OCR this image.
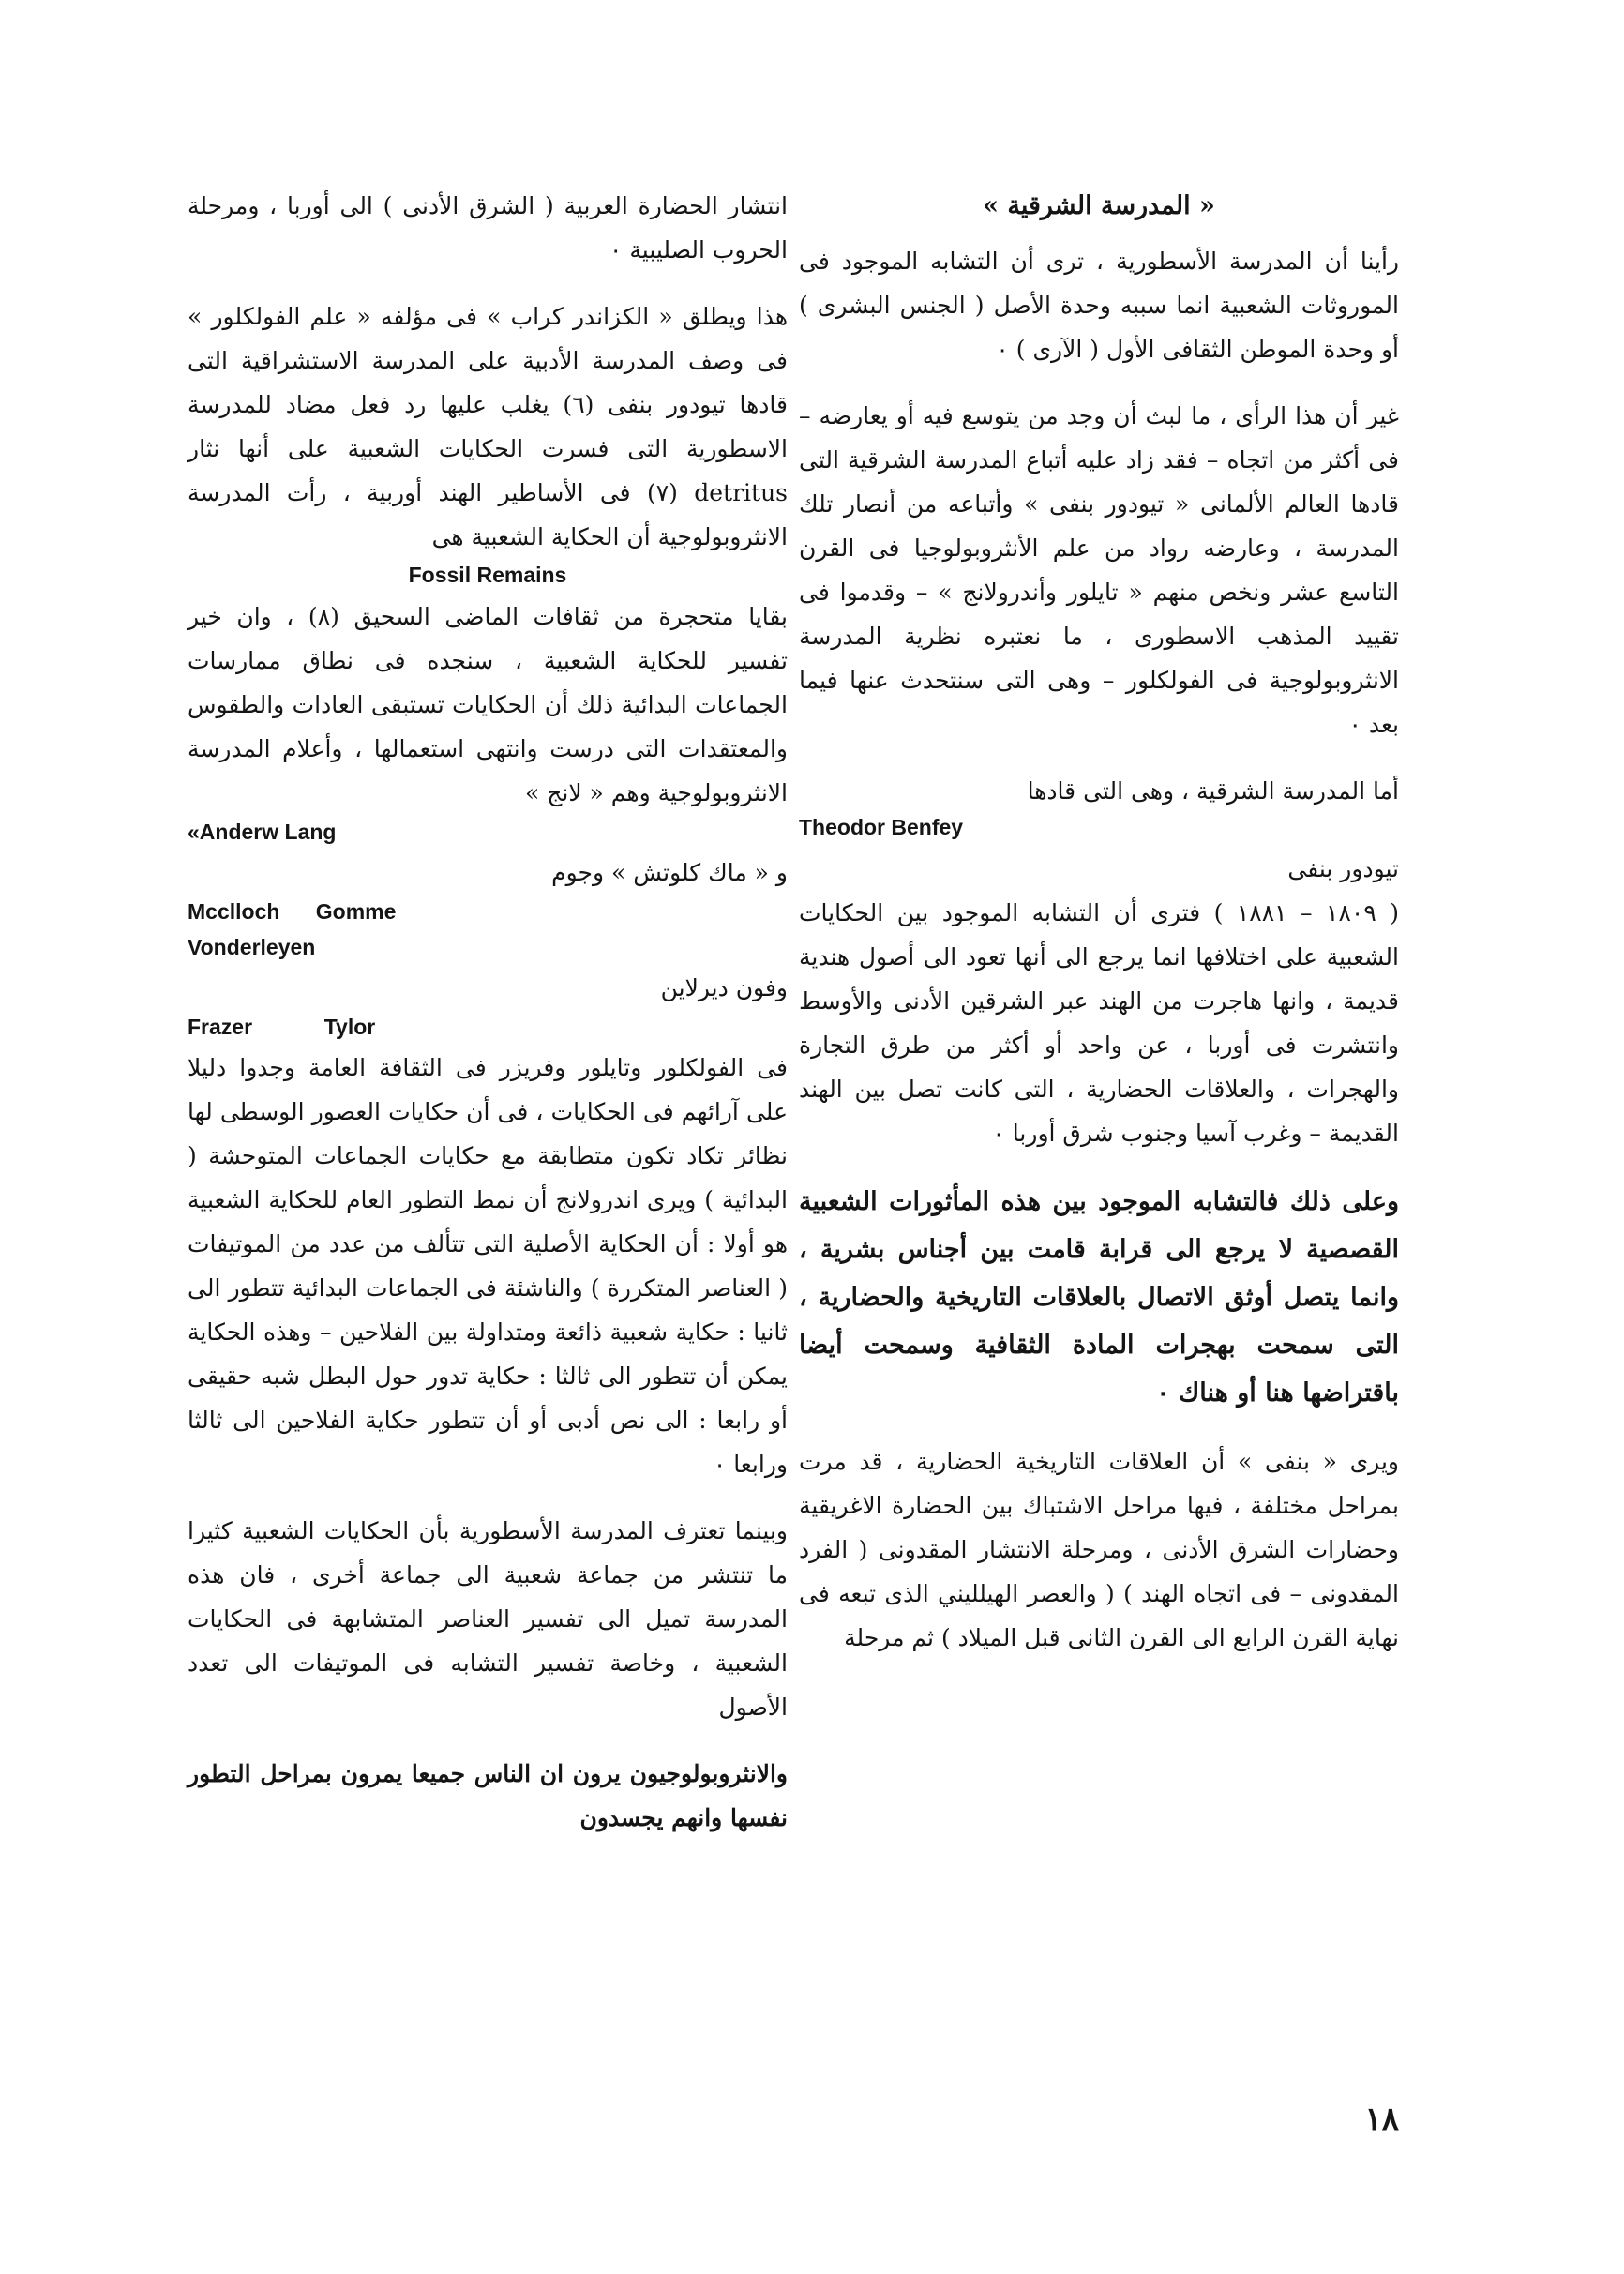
« المدرسة الشرقية »

رأينا أن المدرسة الأسطورية ، ترى أن التشابه الموجود فى الموروثات الشعبية انما سببه وحدة الأصل ( الجنس البشرى ) أو وحدة الموطن الثقافى الأول ( الآرى ) ٠

غير أن هذا الرأى ، ما لبث أن وجد من يتوسع فيه أو يعارضه – فى أكثر من اتجاه – فقد زاد عليه أتباع المدرسة الشرقية التى قادها العالم الألمانى « تيودور بنفى » وأتباعه من أنصار تلك المدرسة ، وعارضه رواد من علم الأنثروبولوجيا فى القرن التاسع عشر ونخص منهم « تايلور وأندرولانج » – وقدموا فى تقييد المذهب الاسطورى ، ما نعتبره نظرية المدرسة الانثروبولوجية فى الفولكلور – وهى التى سنتحدث عنها فيما بعد ٠

أما المدرسة الشرقية ، وهى التى قادها

Theodor Benfey

تيودور بنفى
( ١٨٠٩ – ١٨٨١ ) فترى أن التشابه الموجود بين الحكايات الشعبية على اختلافها انما يرجع الى أنها تعود الى أصول هندية قديمة ، وانها هاجرت من الهند عبر الشرقين الأدنى والأوسط وانتشرت فى أوربا ، عن واحد أو أكثر من طرق التجارة والهجرات ، والعلاقات الحضارية ، التى كانت تصل بين الهند القديمة – وغرب آسيا وجنوب شرق أوربا ٠

وعلى ذلك فالتشابه الموجود بين هذه المأثورات الشعبية القصصية لا يرجع الى قرابة قامت بين أجناس بشرية ، وانما يتصل أوثق الاتصال بالعلاقات التاريخية والحضارية ، التى سمحت بهجرات المادة الثقافية وسمحت أيضا باقتراضها هنا أو هناك ٠

ويرى « بنفى » أن العلاقات التاريخية الحضارية ، قد مرت بمراحل مختلفة ، فيها مراحل الاشتباك بين الحضارة الاغريقية وحضارات الشرق الأدنى ، ومرحلة الانتشار المقدونى ( الفرد المقدونى – فى اتجاه الهند ) ( والعصر الهيلليني الذى تبعه فى نهاية القرن الرابع الى القرن الثانى قبل الميلاد ) ثم مرحلة

انتشار الحضارة العربية ( الشرق الأدنى ) الى أوربا ، ومرحلة الحروب الصليبية ٠

هذا ويطلق « الكزاندر كراب » فى مؤلفه « علم الفولكلور » فى وصف المدرسة الأدبية على المدرسة الاستشراقية التى قادها تيودور بنفى (٦) يغلب عليها رد فعل مضاد للمدرسة الاسطورية التى فسرت الحكايات الشعبية على أنها نثار detritus (٧) فى الأساطير الهند أوربية ، رأت المدرسة الانثروبولوجية أن الحكاية الشعبية هى

Fossil Remains

بقايا متحجرة من ثقافات الماضى السحيق (٨) ، وان خير تفسير للحكاية الشعبية ، سنجده فى نطاق ممارسات الجماعات البدائية ذلك أن الحكايات تستبقى العادات والطقوس والمعتقدات التى درست وانتهى استعمالها ، وأعلام المدرسة الانثروبولوجية وهم « لانج »

«Anderw Lang

و « ماك كلوتش » وجوم

Mcclloch      Gomme
Vonderleyen

وفون ديرلاين

Frazer            Tylor

فى الفولكلور وتايلور وفريزر فى الثقافة العامة وجدوا دليلا على آرائهم فى الحكايات ، فى أن حكايات العصور الوسطى لها نظائر تكاد تكون متطابقة مع حكايات الجماعات المتوحشة ( البدائية ) ويرى اندرولانج أن نمط التطور العام للحكاية الشعبية هو أولا : أن الحكاية الأصلية التى تتألف من عدد من الموتيفات ( العناصر المتكررة ) والناشئة فى الجماعات البدائية تتطور الى ثانيا : حكاية شعبية ذائعة ومتداولة بين الفلاحين – وهذه الحكاية يمكن أن تتطور الى ثالثا : حكاية تدور حول البطل شبه حقيقى أو رابعا : الى نص أدبى أو أن تتطور حكاية الفلاحين الى ثالثا ورابعا ٠

وبينما تعترف المدرسة الأسطورية بأن الحكايات الشعبية كثيرا ما تنتشر من جماعة شعبية الى جماعة أخرى ، فان هذه المدرسة تميل الى تفسير العناصر المتشابهة فى الحكايات الشعبية ، وخاصة تفسير التشابه فى الموتيفات الى تعدد الأصول

والانثروبولوجيون يرون ان الناس جميعا يمرون بمراحل التطور نفسها وانهم يجسدون

١٨
